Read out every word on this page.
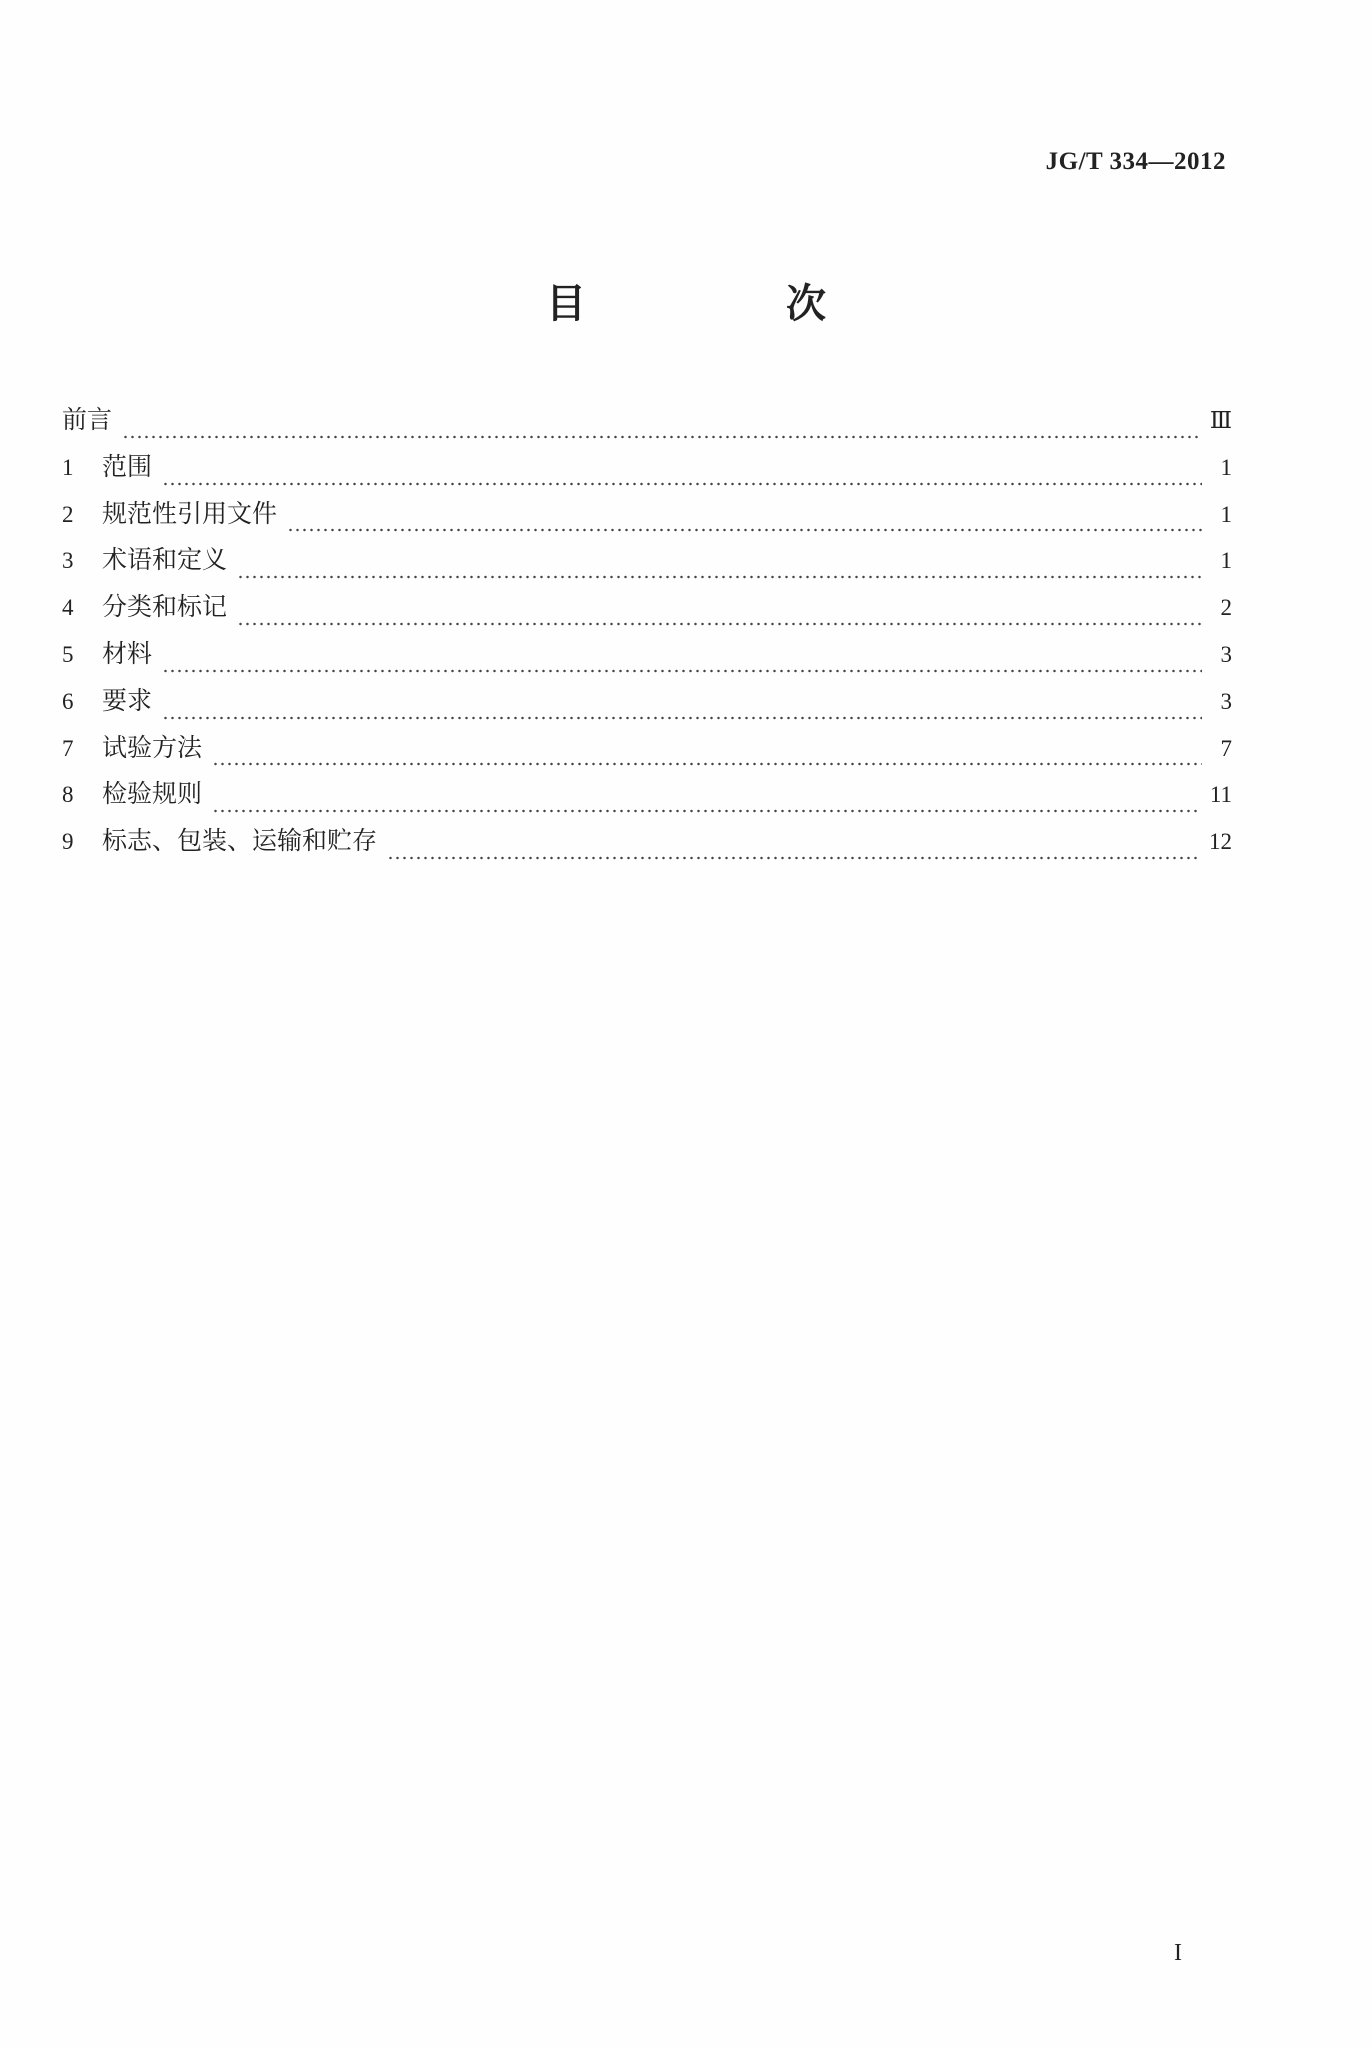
JG/T 334—2012
目　次
前言	Ⅲ
1	范围	1
2	规范性引用文件	1
3	术语和定义	1
4	分类和标记	2
5	材料	3
6	要求	3
7	试验方法	7
8	检验规则	11
9	标志、包装、运输和贮存	12
I
